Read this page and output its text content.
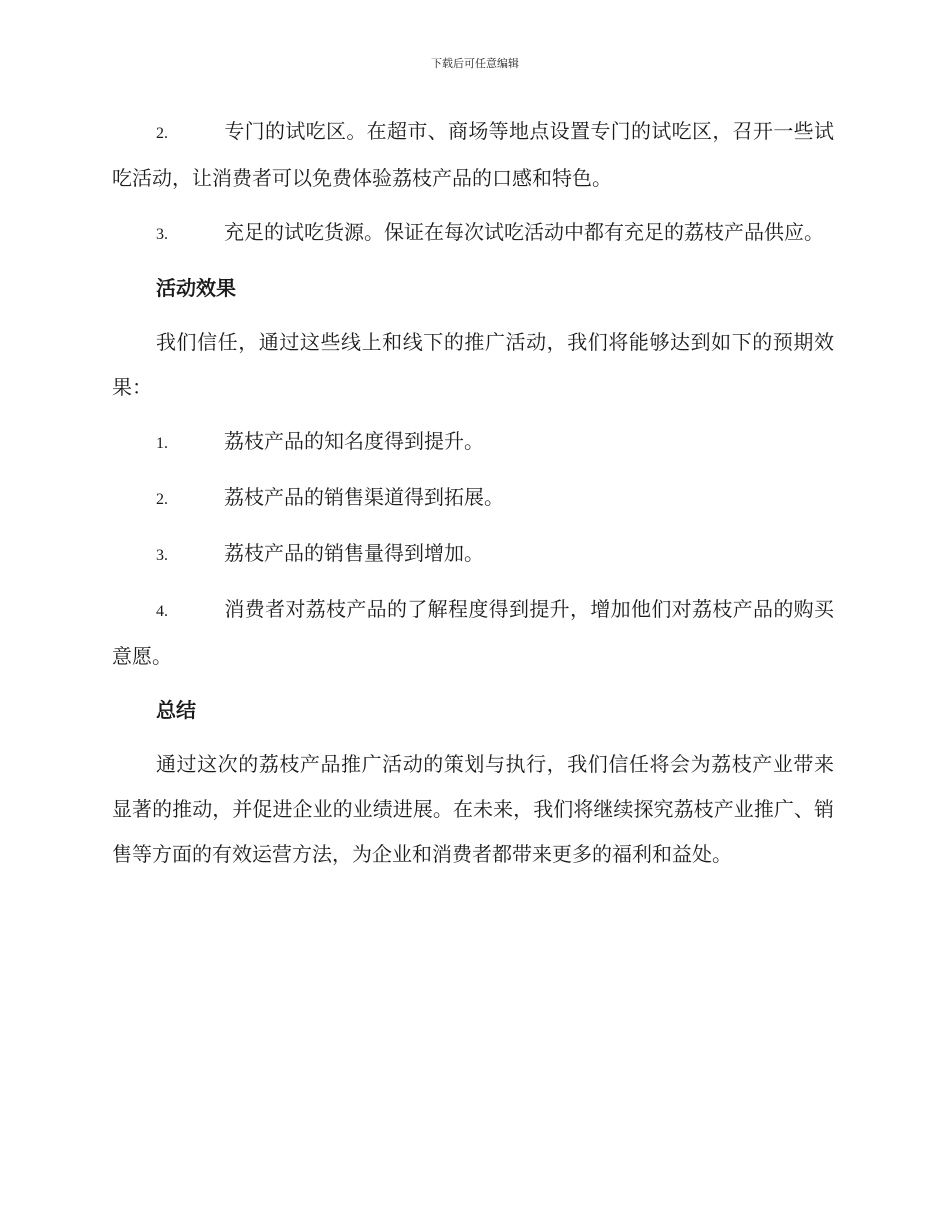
下载后可任意编辑

2.	专门的试吃区。在超市、商场等地点设置专门的试吃区，召开一些试吃活动，让消费者可以免费体验荔枝产品的口感和特色。

3.	充足的试吃货源。保证在每次试吃活动中都有充足的荔枝产品供应。

活动效果

我们信任，通过这些线上和线下的推广活动，我们将能够达到如下的预期效果：

1.	荔枝产品的知名度得到提升。

2.	荔枝产品的销售渠道得到拓展。

3.	荔枝产品的销售量得到增加。

4.	消费者对荔枝产品的了解程度得到提升，增加他们对荔枝产品的购买意愿。

总结

通过这次的荔枝产品推广活动的策划与执行，我们信任将会为荔枝产业带来显著的推动，并促进企业的业绩进展。在未来，我们将继续探究荔枝产业推广、销售等方面的有效运营方法，为企业和消费者都带来更多的福利和益处。
